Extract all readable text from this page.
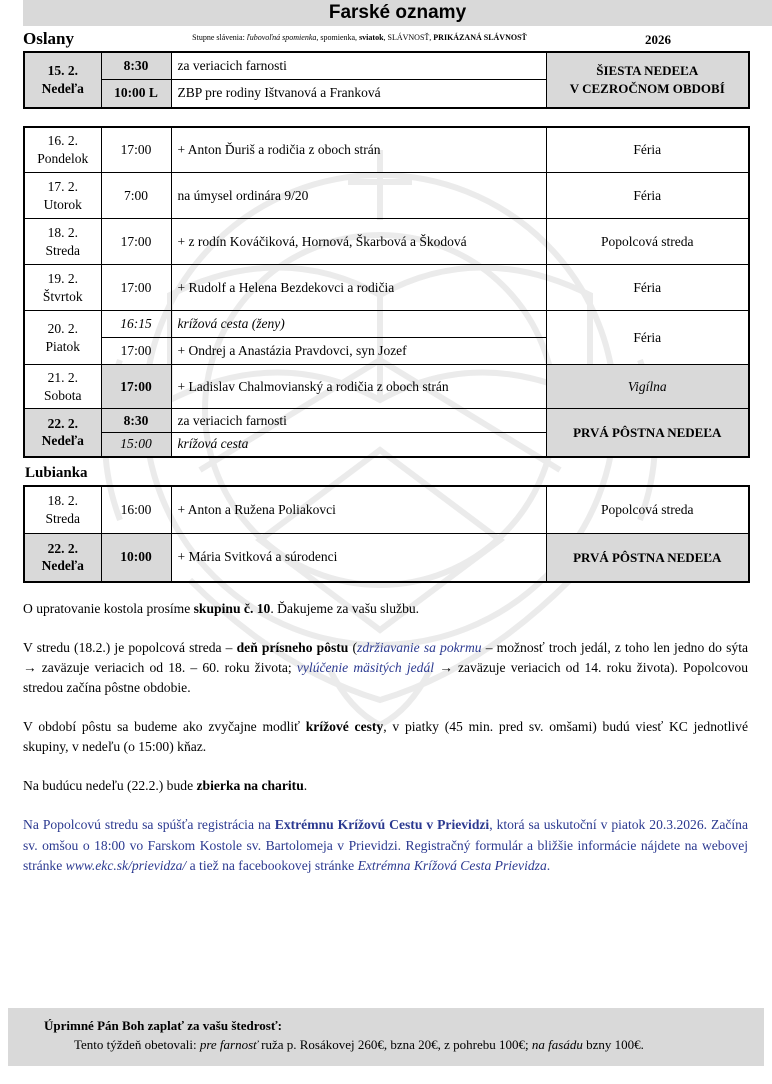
Farské oznamy
Oslany	Stupne slávenia: ľubovoľná spomienka, spomienka, sviatok, SLÁVNOSŤ, PRIKÁZANÁ SLÁVNOSŤ	2026
15. 2.
Nedeľa
	8:30	za veriacich farnosti	ŠIESTA NEDEĽA
V CEZROČNOM OBDOBÍ

	10:00 L	ZBP pre rodiny Ištvanová a Franková	
16. 2.
Pondelok	17:00	+ Anton Ďuriš a rodičia z oboch strán	Féria

17. 2.
Utorok	7:00	na úmysel ordinára 9/20	Féria

18. 2.
Streda	17:00	+ z rodín Kováčiková, Hornová, Škarbová a Škodová	Popolcová streda

19. 2.
Štvrtok	17:00	+ Rudolf a Helena Bezdekovci a rodičia	Féria

20. 2.
Piatok	16:15	krížová cesta (ženy)	Féria
	17:00	+ Ondrej a Anastázia Pravdovci, syn Jozef	

21. 2.
Sobota	17:00	+ Ladislav Chalmovianský a rodičia z oboch strán	Vigílna

22. 2.
Nedeľa	8:30	za veriacich farnosti	PRVÁ PÔSTNA NEDEĽA
	15:00	krížová cesta	
Lubianka
18. 2.
Streda	16:00	+ Anton a Ružena Poliakovci	Popolcová streda

22. 2.
Nedeľa	10:00	+ Mária Svitková a súrodenci	PRVÁ PÔSTNA NEDEĽA

O upratovanie kostola prosíme skupinu č. 10. Ďakujeme za vašu službu.

V stredu (18.2.) je popolcová streda – deň prísneho pôstu (zdržiavanie sa pokrmu – možnosť troch jedál, z toho len jedno do sýta → zaväzuje veriacich od 18. – 60. roku života; vylúčenie mäsitých jedál → zaväzuje veriacich od 14. roku života). Popolcovou stredou začína pôstne obdobie.

V období pôstu sa budeme ako zvyčajne modliť krížové cesty, v piatky (45 min. pred sv. omšami) budú viesť KC jednotlivé skupiny, v nedeľu (o 15:00) kňaz.

Na budúcu nedeľu (22.2.) bude zbierka na charitu.

Na Popolcovú stredu sa spúšťa registrácia na Extrémnu Krížovú Cestu v Prievidzi, ktorá sa uskutoční v piatok 20.3.2026. Začína sv. omšou o 18:00 vo Farskom Kostole sv. Bartolomeja v Prievidzi. Registračný formulár a bližšie informácie nájdete na webovej stránke www.ekc.sk/prievidza/ a tiež na facebookovej stránke Extrémna Krížová Cesta Prievidza.

Úprimné Pán Boh zaplať za vašu štedrosť:
Tento týždeň obetovali: pre farnosť ruža p. Rosákovej 260€, bzna 20€, z pohrebu 100€; na fasádu bzny 100€.
